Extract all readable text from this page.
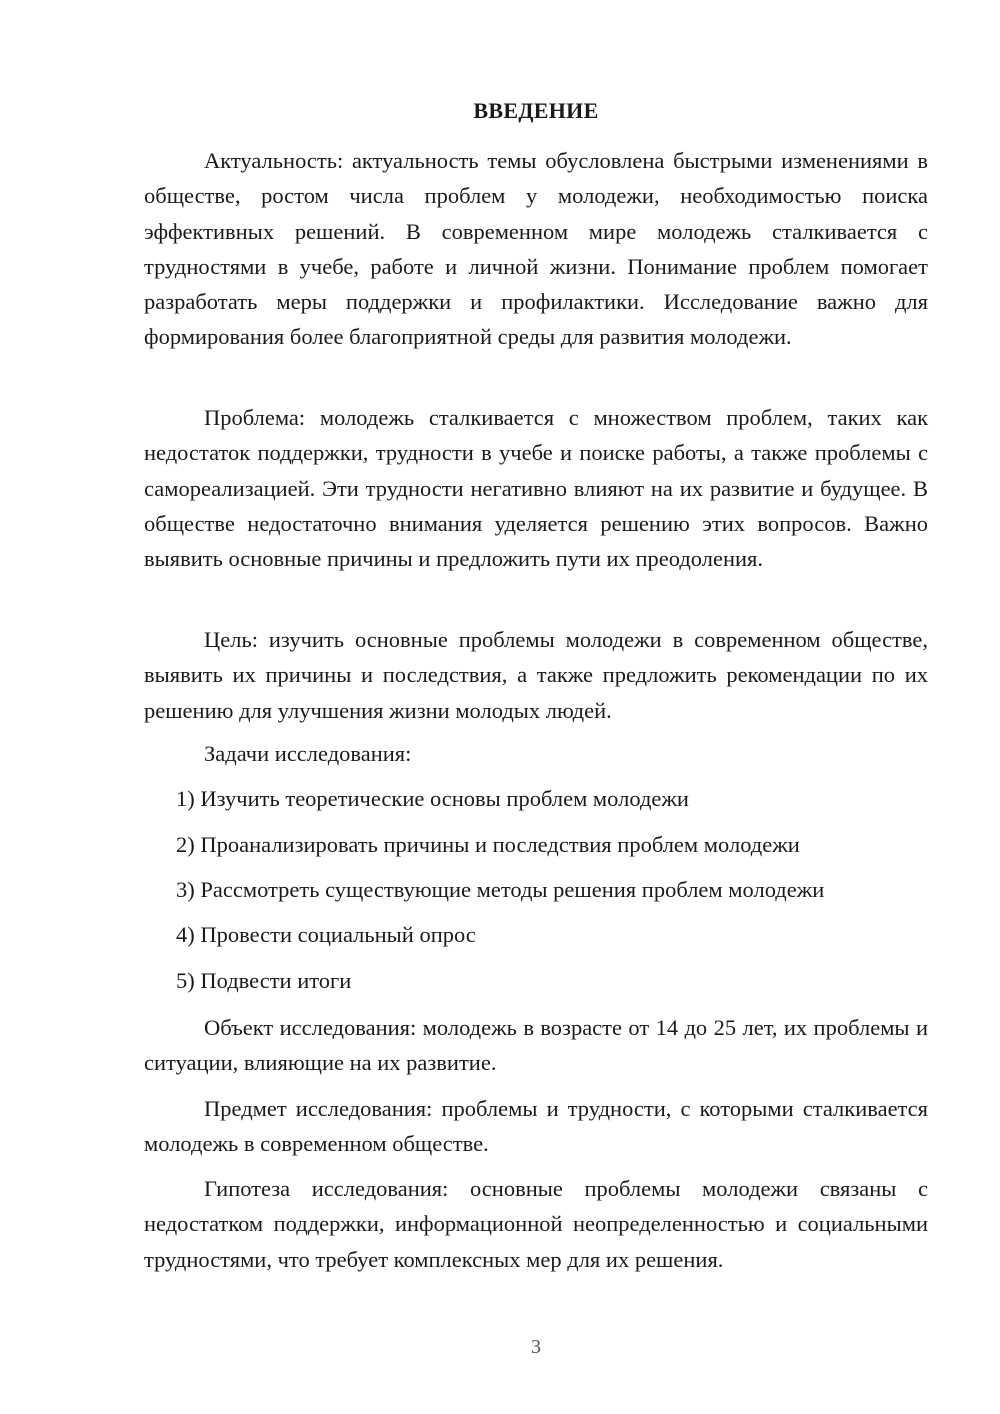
ВВЕДЕНИЕ

Актуальность: актуальность темы обусловлена быстрыми изменениями в обществе, ростом числа проблем у молодежи, необходимостью поиска эффективных решений. В современном мире молодежь сталкивается с трудностями в учебе, работе и личной жизни. Понимание проблем помогает разработать меры поддержки и профилактики. Исследование важно для формирования более благоприятной среды для развития молодежи.

Проблема: молодежь сталкивается с множеством проблем, таких как недостаток поддержки, трудности в учебе и поиске работы, а также проблемы с самореализацией. Эти трудности негативно влияют на их развитие и будущее. В обществе недостаточно внимания уделяется решению этих вопросов. Важно выявить основные причины и предложить пути их преодоления.

Цель: изучить основные проблемы молодежи в современном обществе, выявить их причины и последствия, а также предложить рекомендации по их решению для улучшения жизни молодых людей.

Задачи исследования:
1) Изучить теоретические основы проблем молодежи
2) Проанализировать причины и последствия проблем молодежи
3) Рассмотреть существующие методы решения проблем молодежи
4) Провести социальный опрос
5) Подвести итоги

Объект исследования: молодежь в возрасте от 14 до 25 лет, их проблемы и ситуации, влияющие на их развитие.

Предмет исследования: проблемы и трудности, с которыми сталкивается молодежь в современном обществе.

Гипотеза исследования: основные проблемы молодежи связаны с недостатком поддержки, информационной неопределенностью и социальными трудностями, что требует комплексных мер для их решения.

3
